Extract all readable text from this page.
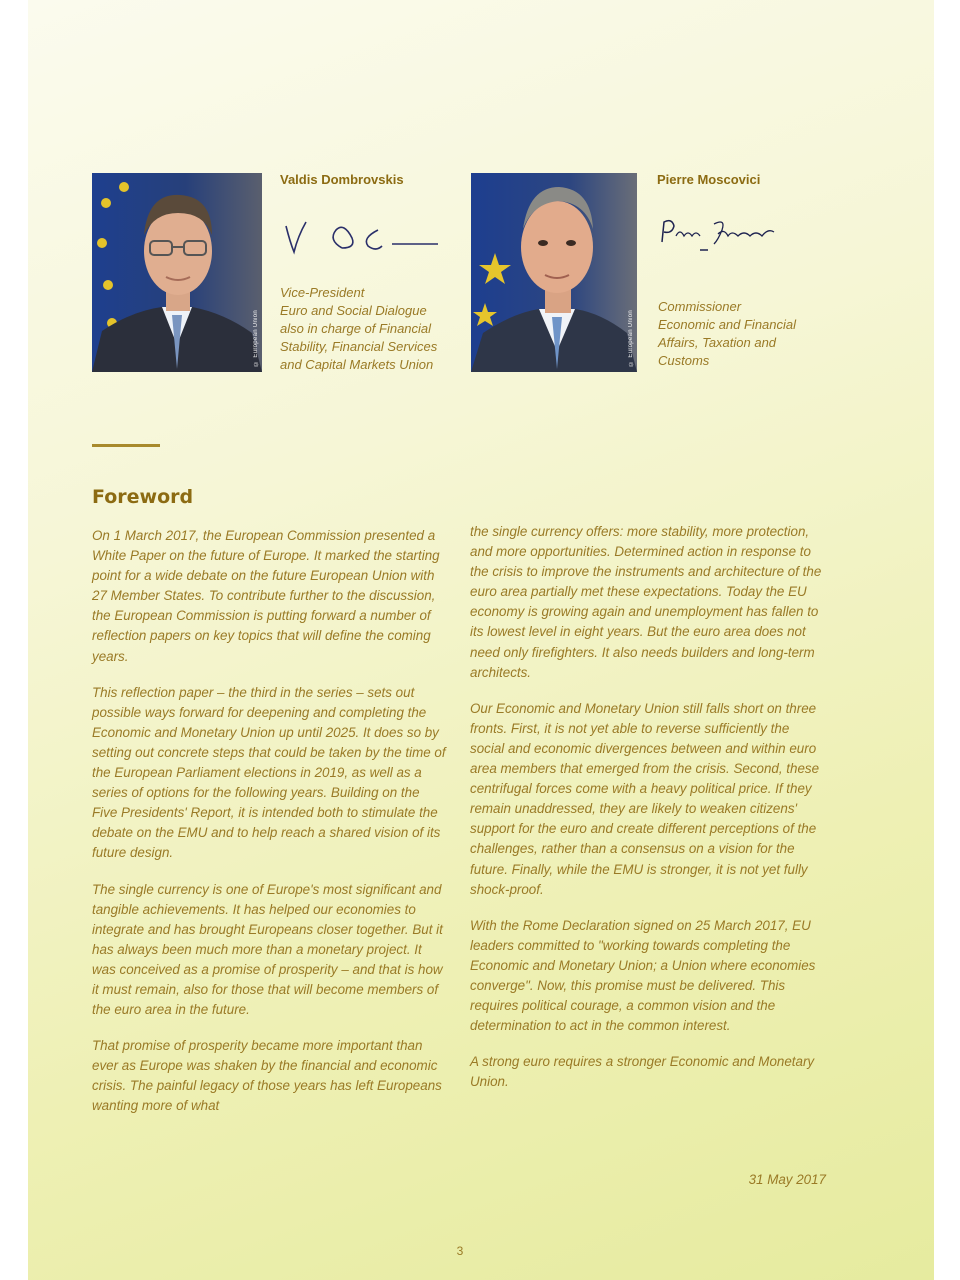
© European Union
Valdis Dombrovskis
Vice-President
Euro and Social Dialogue
also in charge of Financial
Stability, Financial Services
and Capital Markets Union	© European Union
Pierre Moscovici
Commissioner
Economic and Financial
Affairs, Taxation and
Customs
Foreword

On 1 March 2017, the European Commission presented a White Paper on the future of Europe. It marked the starting point for a wide debate on the future European Union with 27 Member States. To contribute further to the discussion, the European Commission is putting forward a number of reflection papers on key topics that will define the coming years.

This reflection paper – the third in the series – sets out possible ways forward for deepening and completing the Economic and Monetary Union up until 2025. It does so by setting out concrete steps that could be taken by the time of the European Parliament elections in 2019, as well as a series of options for the following years. Building on the Five Presidents' Report, it is intended both to stimulate the debate on the EMU and to help reach a shared vision of its future design.

The single currency is one of Europe's most significant and tangible achievements. It has helped our economies to integrate and has brought Europeans closer together. But it has always been much more than a monetary project. It was conceived as a promise of prosperity – and that is how it must remain, also for those that will become members of the euro area in the future.

That promise of prosperity became more important than ever as Europe was shaken by the financial and economic crisis. The painful legacy of those years has left Europeans wanting more of what

the single currency offers: more stability, more protection, and more opportunities. Determined action in response to the crisis to improve the instruments and architecture of the euro area partially met these expectations. Today the EU economy is growing again and unemployment has fallen to its lowest level in eight years. But the euro area does not need only firefighters. It also needs builders and long-term architects.

Our Economic and Monetary Union still falls short on three fronts. First, it is not yet able to reverse sufficiently the social and economic divergences between and within euro area members that emerged from the crisis. Second, these centrifugal forces come with a heavy political price. If they remain unaddressed, they are likely to weaken citizens' support for the euro and create different perceptions of the challenges, rather than a consensus on a vision for the future. Finally, while the EMU is stronger, it is not yet fully shock-proof.

With the Rome Declaration signed on 25 March 2017, EU leaders committed to "working towards completing the Economic and Monetary Union; a Union where economies converge". Now, this promise must be delivered. This requires political courage, a common vision and the determination to act in the common interest.

A strong euro requires a stronger Economic and Monetary Union.

31 May 2017
3
